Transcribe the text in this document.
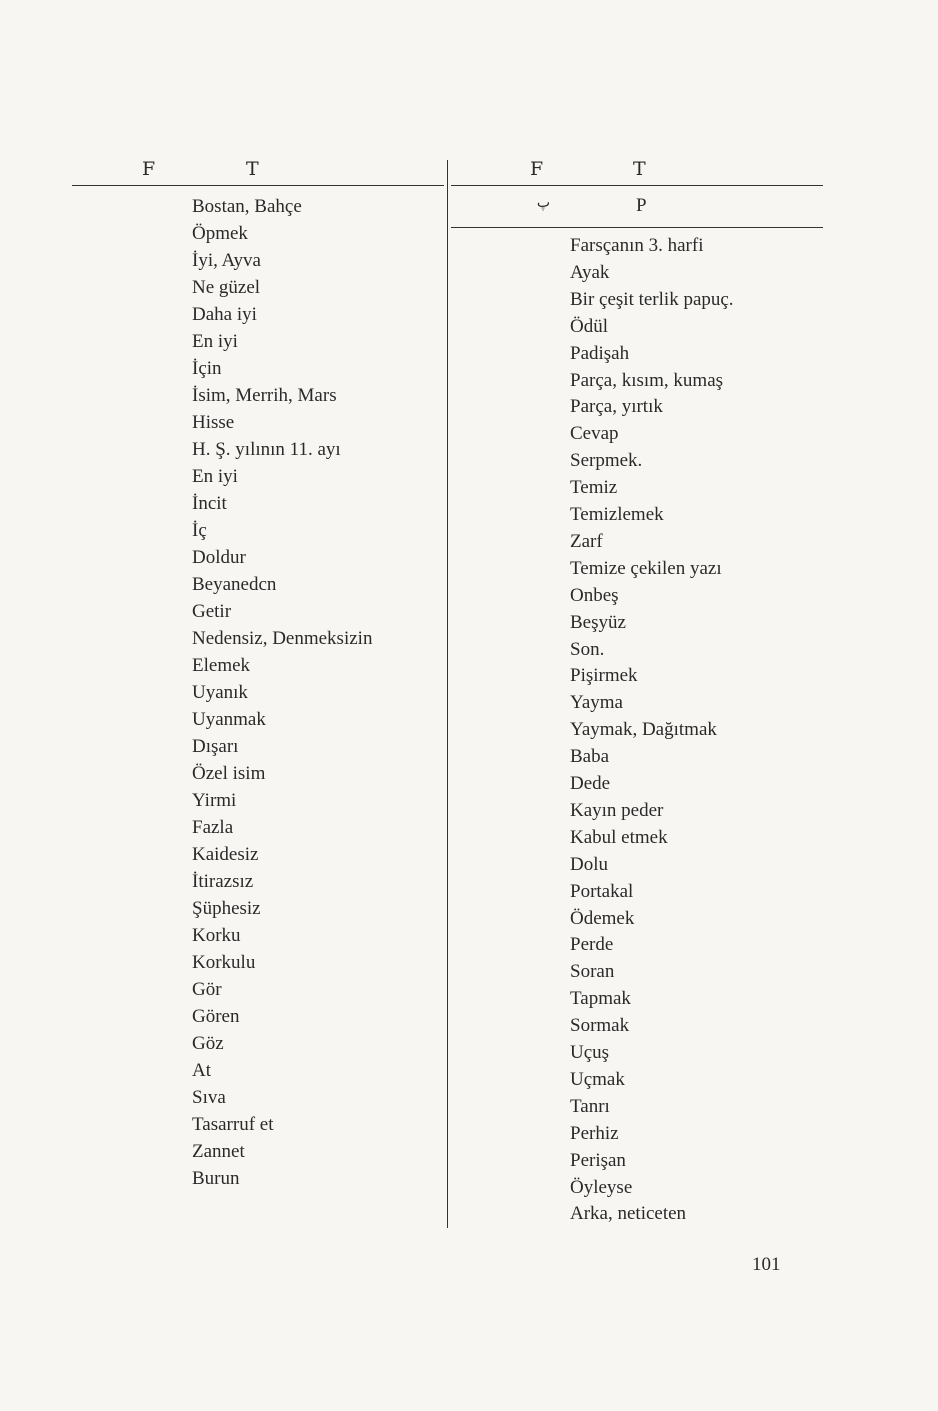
F	T	F	T
پ	P
Bostan, Bahçe
Öpmek
İyi, Ayva
Ne güzel
Daha iyi
En iyi
İçin
İsim, Merrih, Mars
Hisse
H. Ş. yılının 11. ayı
En iyi
İncit
İç
Doldur
Beyanedcn
Getir
Nedensiz, Denmeksizin
Elemek
Uyanık
Uyanmak
Dışarı
Özel isim
Yirmi
Fazla
Kaidesiz
İtirazsız
Şüphesiz
Korku
Korkulu
Gör
Gören
Göz
At
Sıva
Tasarruf et
Zannet
Burun
Farsçanın 3. harfi
Ayak
Bir çeşit terlik papuç.
Ödül
Padişah
Parça, kısım, kumaş
Parça, yırtık
Cevap
Serpmek.
Temiz
Temizlemek
Zarf
Temize çekilen yazı
Onbeş
Beşyüz
Son.
Pişirmek
Yayma
Yaymak, Dağıtmak
Baba
Dede
Kayın peder
Kabul etmek
Dolu
Portakal
Ödemek
Perde
Soran
Tapmak
Sormak
Uçuş
Uçmak
Tanrı
Perhiz
Perişan
Öyleyse
Arka, neticeten
101
